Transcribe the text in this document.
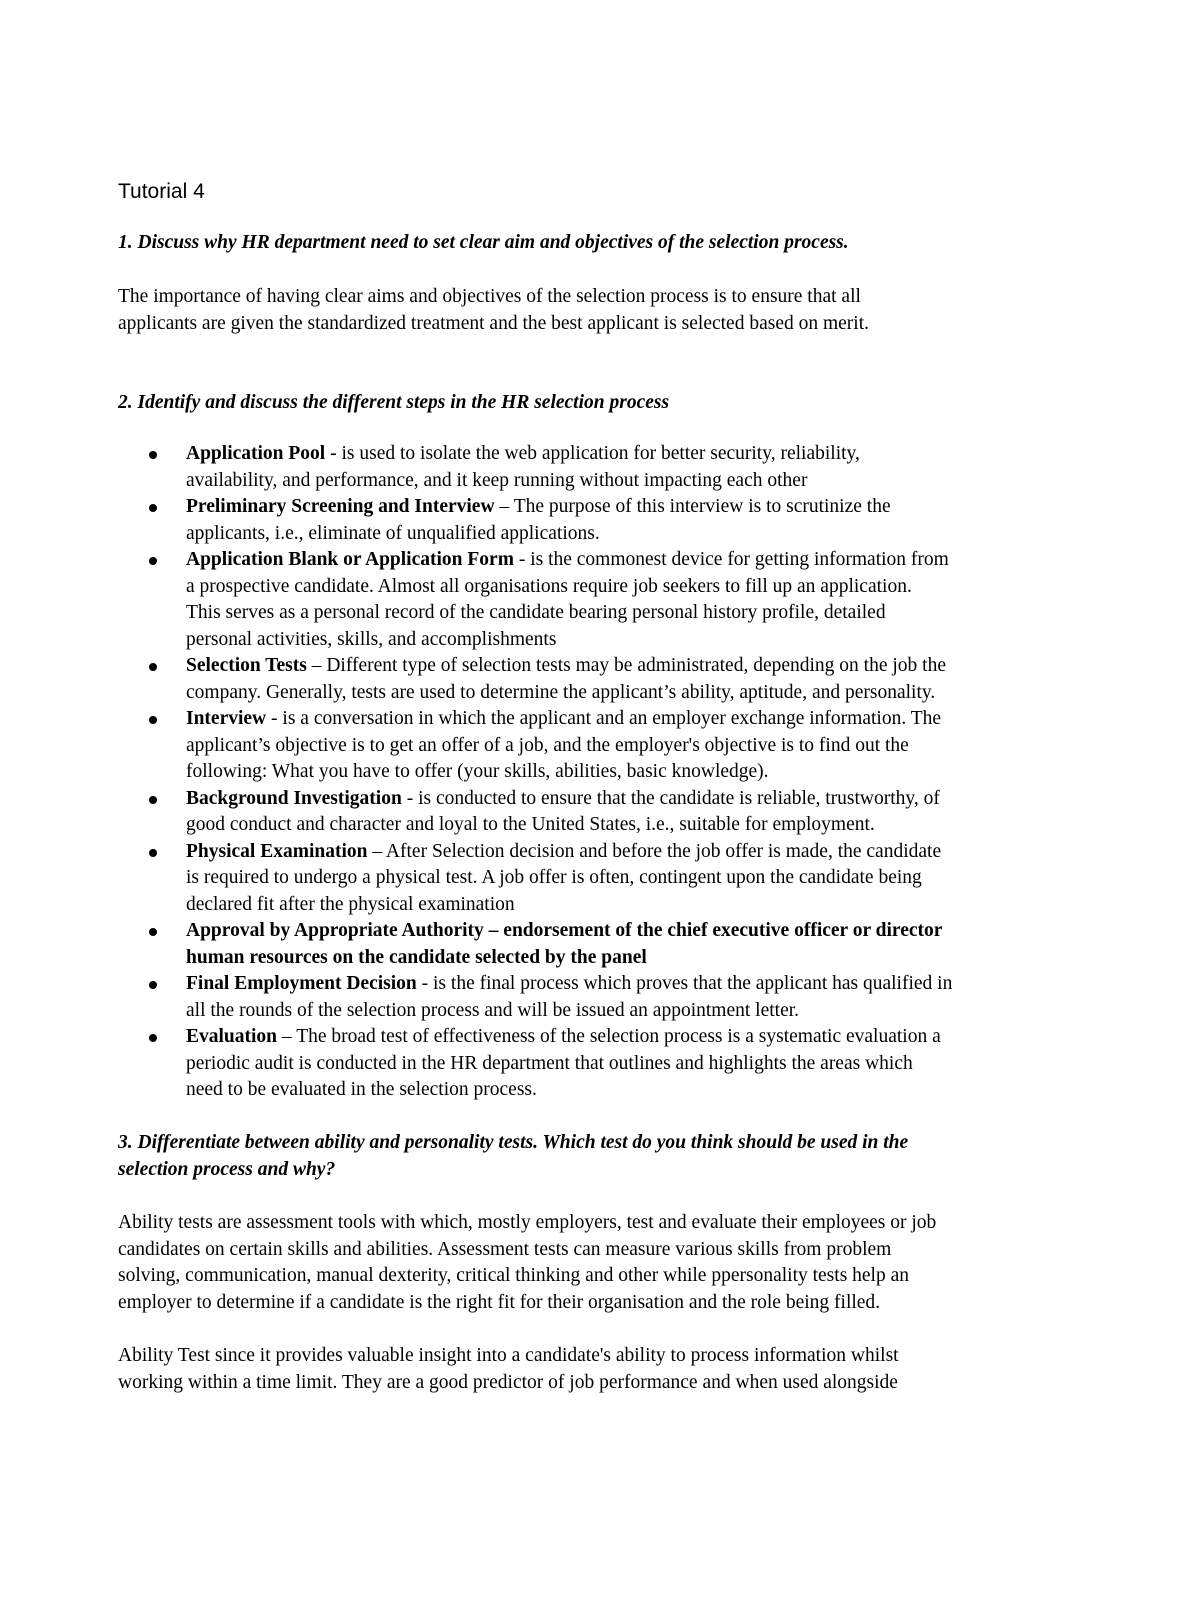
Tutorial 4
1. Discuss why HR department need to set clear aim and objectives of the selection process.
The importance of having clear aims and objectives of the selection process is to ensure that all
applicants are given the standardized treatment and the best applicant is selected based on merit.
2. Identify and discuss the different steps in the HR selection process
Application Pool - is used to isolate the web application for better security, reliability,
availability, and performance, and it keep running without impacting each other
Preliminary Screening and Interview – The purpose of this interview is to scrutinize the
applicants, i.e., eliminate of unqualified applications.
Application Blank or Application Form - is the commonest device for getting information from
a prospective candidate. Almost all organisations require job seekers to fill up an application.
This serves as a personal record of the candidate bearing personal history profile, detailed
personal activities, skills, and accomplishments
Selection Tests – Different type of selection tests may be administrated, depending on the job the
company. Generally, tests are used to determine the applicant’s ability, aptitude, and personality.
Interview - is a conversation in which the applicant and an employer exchange information. The
applicant’s objective is to get an offer of a job, and the employer's objective is to find out the
following: What you have to offer (your skills, abilities, basic knowledge).
Background Investigation - is conducted to ensure that the candidate is reliable, trustworthy, of
good conduct and character and loyal to the United States, i.e., suitable for employment.
Physical Examination – After Selection decision and before the job offer is made, the candidate
is required to undergo a physical test. A job offer is often, contingent upon the candidate being
declared fit after the physical examination
Approval by Appropriate Authority – endorsement of the chief executive officer or director
human resources on the candidate selected by the panel
Final Employment Decision - is the final process which proves that the applicant has qualified in
all the rounds of the selection process and will be issued an appointment letter.
Evaluation – The broad test of effectiveness of the selection process is a systematic evaluation a
periodic audit is conducted in the HR department that outlines and highlights the areas which
need to be evaluated in the selection process.
3. Differentiate between ability and personality tests. Which test do you think should be used in the
selection process and why?
Ability tests are assessment tools with which, mostly employers, test and evaluate their employees or job
candidates on certain skills and abilities. Assessment tests can measure various skills from problem
solving, communication, manual dexterity, critical thinking and other while ppersonality tests help an
employer to determine if a candidate is the right fit for their organisation and the role being filled.
Ability Test since it provides valuable insight into a candidate's ability to process information whilst
working within a time limit. They are a good predictor of job performance and when used alongside
